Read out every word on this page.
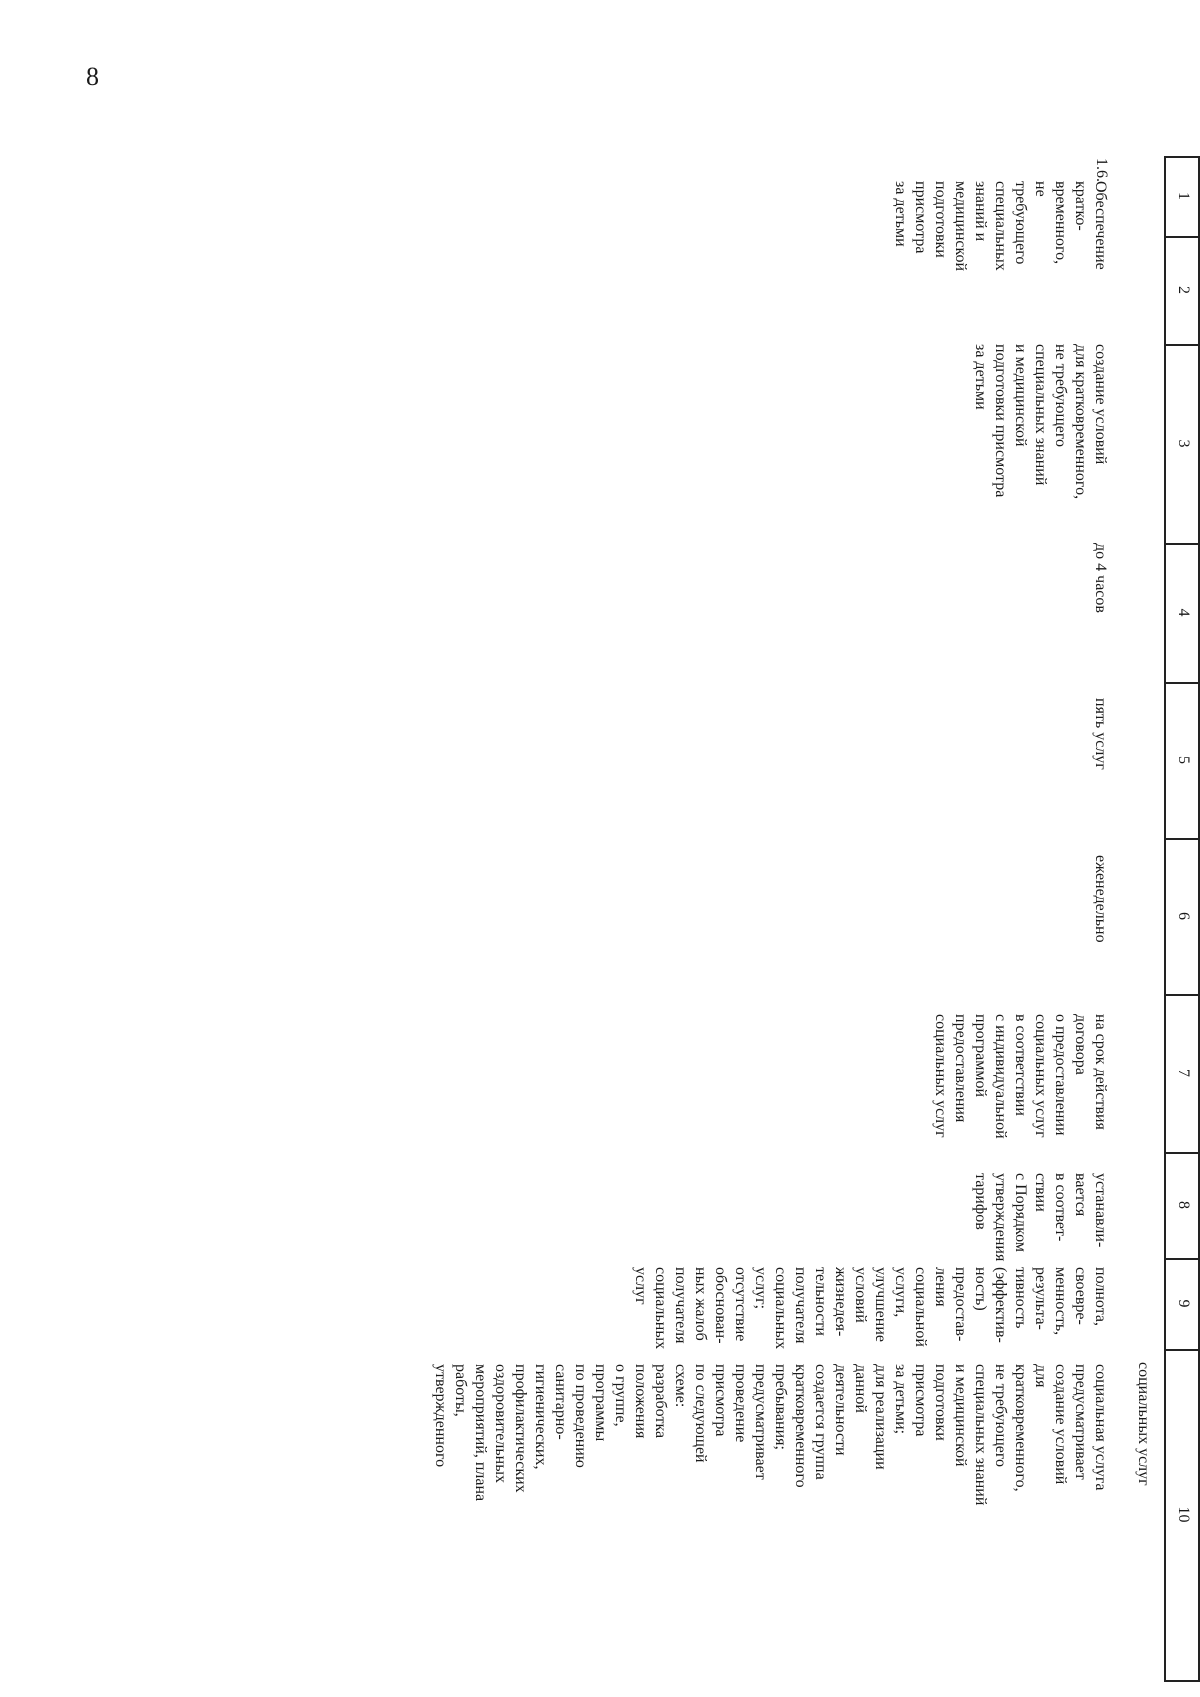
8
1
2
3
4
5
6
7
8
9
10
социальных услуг
1.6.
Обеспечение
кратко-
временного,
не
требующего
специальных
знаний и
медицинской
подготовки
присмотра
за детьми
создание условий
для кратковременного,
не требующего
специальных знаний
и медицинской
подготовки присмотра
за детьми
до 4 часов
пять услуг
еженедельно
на срок действия
договора
о предоставлении
социальных услуг
в соответствии
с индивидуальной
программой
предоставления
социальных услуг
устанавли-
вается
в соответ-
ствии
с Порядком
утверждения
тарифов
полнота,
своевре-
менность,
результа-
тивность
(эффектив-
ность)
предостав-
ления
социальной
услуги,
улучшение
условий
жизнедея-
тельности
получателя
социальных
услуг;
отсутствие
обоснован-
ных жалоб
получателя
социальных
услуг
социальная услуга
предусматривает
создание условий
для
кратковременного,
не требующего
специальных знаний
и медицинской
подготовки
присмотра
за детьми;
для реализации
данной
деятельности
создается группа
кратковременного
пребывания;
предусматривает
проведение
присмотра
по следующей
схеме:
разработка
положения
о группе,
программы
по проведению
санитарно-
гигиенических,
профилактических
оздоровительных
мероприятий, плана
работы,
утвержденного
